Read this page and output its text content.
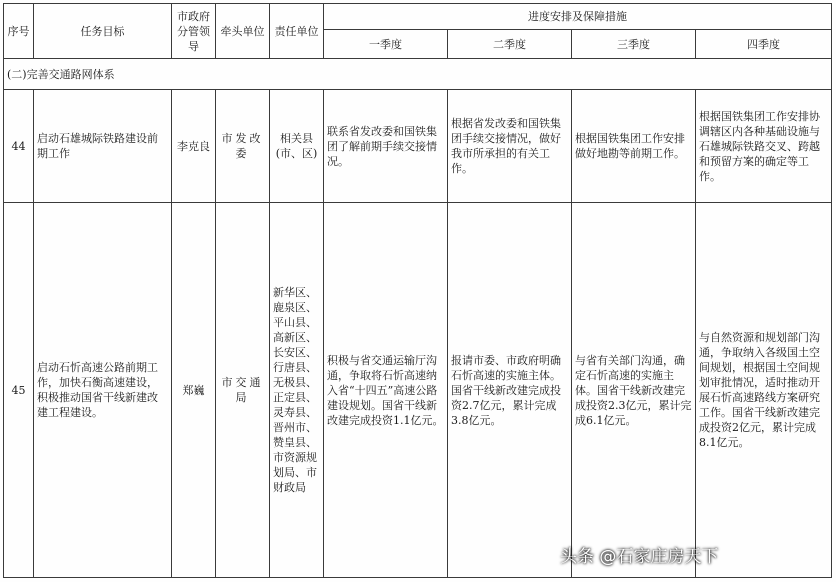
序号	任务目标	市政府分管领导	牵头单位	责任单位	进度安排及保障措施			
					一季度	二季度	三季度	四季度
(二)完善交通路网体系								
44	启动石雄城际铁路建设前期工作	李克良	市发改委	相关县(市、区)	联系省发改委和国铁集团了解前期手续交接情况。	根据省发改委和国铁集团手续交接情况，做好我市所承担的有关工作。	根据国铁集团工作安排做好地勘等前期工作。	根据国铁集团工作安排协调辖区内各种基础设施与石雄城际铁路交叉、跨越和预留方案的确定等工作。
45	启动石忻高速公路前期工作，加快石衡高速建设，积极推动国省干线新建改建工程建设。	郑巍	市交通局	新华区、鹿泉区、平山县、高新区、长安区、行唐县、无极县、正定县、灵寿县、晋州市、赞皇县、市资源规划局、市财政局	积极与省交通运输厅沟通，争取将石忻高速纳入省“十四五”高速公路建设规划。国省干线新改建完成投资1.1亿元。	报请市委、市政府明确石忻高速的实施主体。国省干线新改建完成投资2.7亿元，累计完成3.8亿元。	与省有关部门沟通，确定石忻高速的实施主体。国省干线新改建完成投资2.3亿元，累计完成6.1亿元。	与自然资源和规划部门沟通，争取纳入各级国土空间规划，根据国土空间规划审批情况，适时推动开展石忻高速路线方案研究工作。国省干线新改建完成投资2亿元，累计完成8.1亿元。
头条 @石家庄房天下
